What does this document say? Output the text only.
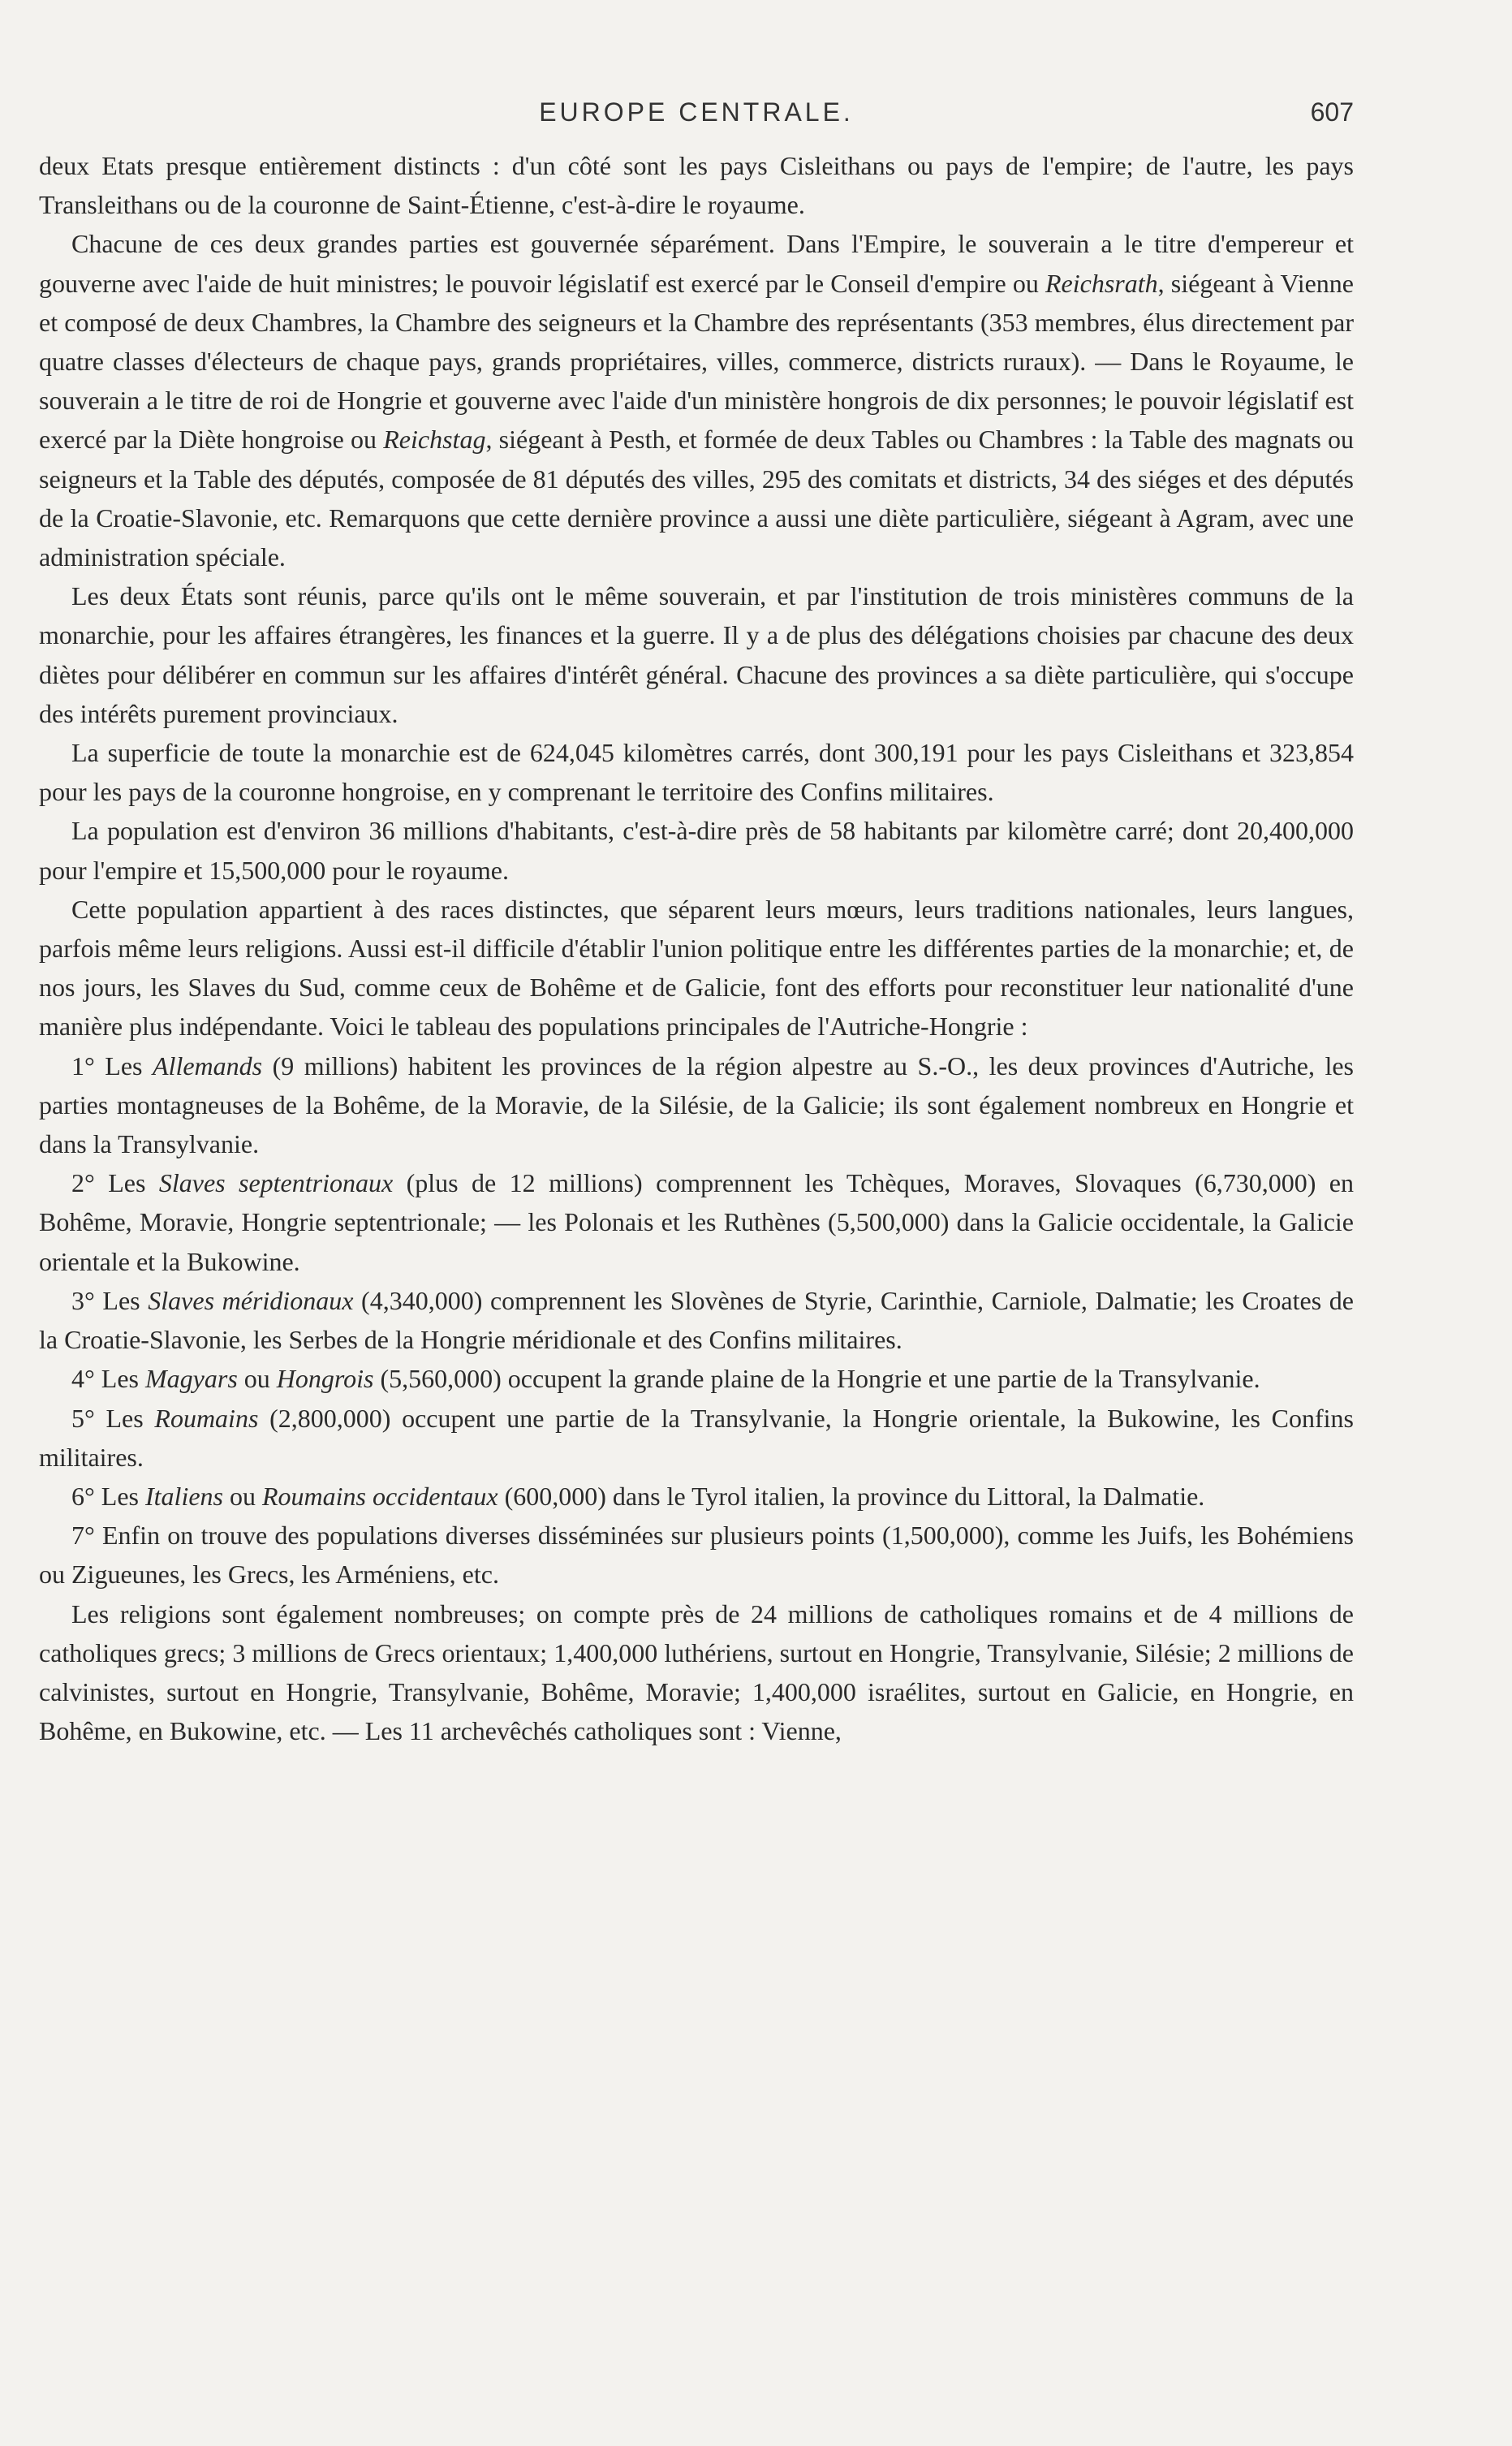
EUROPE CENTRALE.	607

deux Etats presque entièrement distincts : d'un côté sont les pays Cisleithans ou pays de l'empire; de l'autre, les pays Transleithans ou de la couronne de Saint-Étienne, c'est-à-dire le royaume.

Chacune de ces deux grandes parties est gouvernée séparément. Dans l'Empire, le souverain a le titre d'empereur et gouverne avec l'aide de huit ministres; le pouvoir législatif est exercé par le Conseil d'empire ou Reichsrath, siégeant à Vienne et composé de deux Chambres, la Chambre des seigneurs et la Chambre des représentants (353 membres, élus directement par quatre classes d'électeurs de chaque pays, grands propriétaires, villes, commerce, districts ruraux). — Dans le Royaume, le souverain a le titre de roi de Hongrie et gouverne avec l'aide d'un ministère hongrois de dix personnes; le pouvoir législatif est exercé par la Diète hongroise ou Reichstag, siégeant à Pesth, et formée de deux Tables ou Chambres : la Table des magnats ou seigneurs et la Table des députés, composée de 81 députés des villes, 295 des comitats et districts, 34 des siéges et des députés de la Croatie-Slavonie, etc. Remarquons que cette dernière province a aussi une diète particulière, siégeant à Agram, avec une administration spéciale.

Les deux États sont réunis, parce qu'ils ont le même souverain, et par l'institution de trois ministères communs de la monarchie, pour les affaires étrangères, les finances et la guerre. Il y a de plus des délégations choisies par chacune des deux diètes pour délibérer en commun sur les affaires d'intérêt général. Chacune des provinces a sa diète particulière, qui s'occupe des intérêts purement provinciaux.

La superficie de toute la monarchie est de 624,045 kilomètres carrés, dont 300,191 pour les pays Cisleithans et 323,854 pour les pays de la couronne hongroise, en y comprenant le territoire des Confins militaires.

La population est d'environ 36 millions d'habitants, c'est-à-dire près de 58 habitants par kilomètre carré; dont 20,400,000 pour l'empire et 15,500,000 pour le royaume.

Cette population appartient à des races distinctes, que séparent leurs mœurs, leurs traditions nationales, leurs langues, parfois même leurs religions. Aussi est-il difficile d'établir l'union politique entre les différentes parties de la monarchie; et, de nos jours, les Slaves du Sud, comme ceux de Bohême et de Galicie, font des efforts pour reconstituer leur nationalité d'une manière plus indépendante. Voici le tableau des populations principales de l'Autriche-Hongrie :

1° Les Allemands (9 millions) habitent les provinces de la région alpestre au S.-O., les deux provinces d'Autriche, les parties montagneuses de la Bohême, de la Moravie, de la Silésie, de la Galicie; ils sont également nombreux en Hongrie et dans la Transylvanie.

2° Les Slaves septentrionaux (plus de 12 millions) comprennent les Tchèques, Moraves, Slovaques (6,730,000) en Bohême, Moravie, Hongrie septentrionale; — les Polonais et les Ruthènes (5,500,000) dans la Galicie occidentale, la Galicie orientale et la Bukowine.

3° Les Slaves méridionaux (4,340,000) comprennent les Slovènes de Styrie, Carinthie, Carniole, Dalmatie; les Croates de la Croatie-Slavonie, les Serbes de la Hongrie méridionale et des Confins militaires.

4° Les Magyars ou Hongrois (5,560,000) occupent la grande plaine de la Hongrie et une partie de la Transylvanie.

5° Les Roumains (2,800,000) occupent une partie de la Transylvanie, la Hongrie orientale, la Bukowine, les Confins militaires.

6° Les Italiens ou Roumains occidentaux (600,000) dans le Tyrol italien, la province du Littoral, la Dalmatie.

7° Enfin on trouve des populations diverses disséminées sur plusieurs points (1,500,000), comme les Juifs, les Bohémiens ou Zigueunes, les Grecs, les Arméniens, etc.

Les religions sont également nombreuses; on compte près de 24 millions de catholiques romains et de 4 millions de catholiques grecs; 3 millions de Grecs orientaux; 1,400,000 luthériens, surtout en Hongrie, Transylvanie, Silésie; 2 millions de calvinistes, surtout en Hongrie, Transylvanie, Bohême, Moravie; 1,400,000 israélites, surtout en Galicie, en Hongrie, en Bohême, en Bukowine, etc. — Les 11 archevêchés catholiques sont : Vienne,
